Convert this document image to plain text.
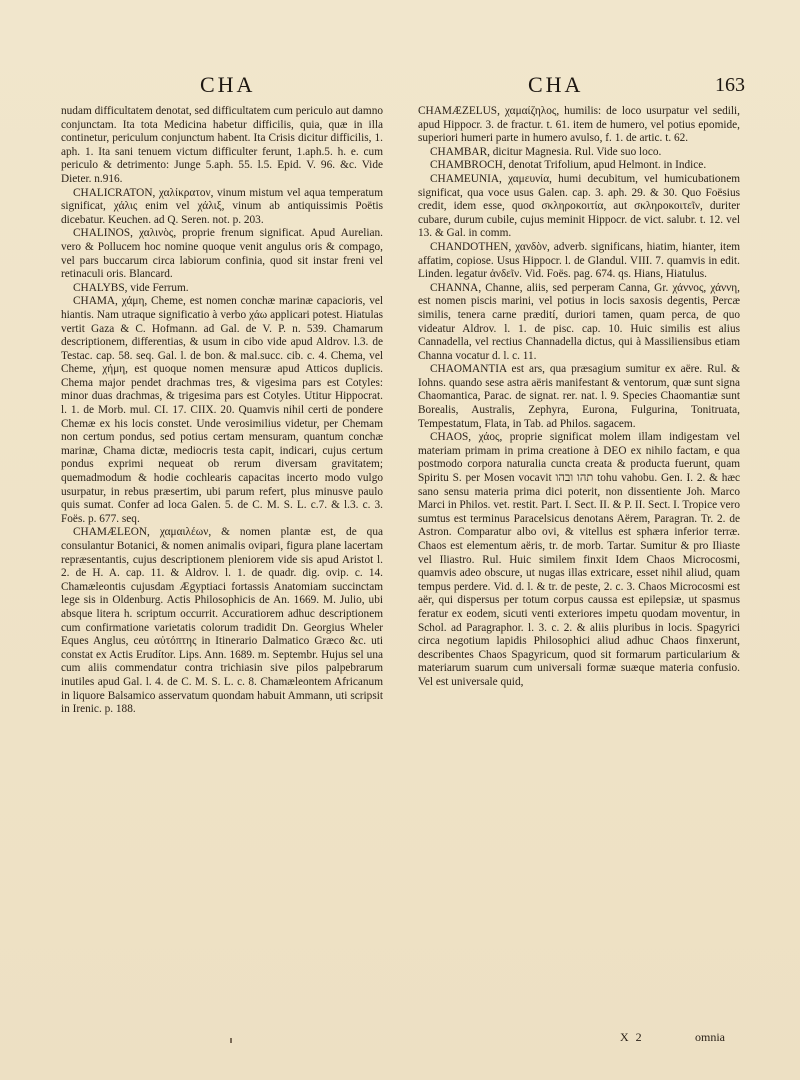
CHA	CHA	163

nudam difficultatem denotat, sed difficultatem cum periculo aut damno conjunctam. Ita tota Medicina habetur difficilis, quia, quæ in illa continetur, periculum conjunctum habent. Ita Crisis dicitur difficilis, 1. aph. 1. Ita sani tenuem victum difficulter ferunt, 1.aph.5. h. e. cum periculo & detrimento: Junge 5.aph. 55. l.5. Epid. V. 96. &c. Vide Dieter. n.916.

CHALICRATON, χαλίκρατον, vinum mistum vel aqua temperatum significat, χάλις enim vel χάλιξ, vinum ab antiquissimis Poëtis dicebatur. Keuchen. ad Q. Seren. not. p. 203.

CHALINOS, χαλινὸς, proprie frenum significat. Apud Aurelian. vero & Pollucem hoc nomine quoque venit angulus oris & compago, vel pars buccarum circa labiorum confinia, quod sit instar freni vel retinaculi oris. Blancard.

CHALYBS, vide Ferrum.

CHAMA, χάμη, Cheme, est nomen conchæ marinæ capacioris, vel hiantis. Nam utraque significatio à verbo χάω applicari potest. Hiatulas vertit Gaza & C. Hofmann. ad Gal. de V. P. n. 539. Chamarum descriptionem, differentias, & usum in cibo vide apud Aldrov. l.3. de Testac. cap. 58. seq. Gal. l. de bon. & mal.succ. cib. c. 4. Chema, vel Cheme, χήμη, est quoque nomen mensuræ apud Atticos duplicis. Chema major pendet drachmas tres, & vigesima pars est Cotyles: minor duas drachmas, & trigesima pars est Cotyles. Utitur Hippocrat. l. 1. de Morb. mul. CI. 17. CIIX. 20. Quamvis nihil certi de pondere Chemæ ex his locis constet. Unde verosimilius videtur, per Chemam non certum pondus, sed potius certam mensuram, quantum conchæ marinæ, Chama dictæ, mediocris testa capit, indicari, cujus certum pondus exprimi nequeat ob rerum diversam gravitatem; quemadmodum & hodie cochlearis capacitas incerto modo vulgo usurpatur, in rebus præsertim, ubi parum refert, plus minusve paulo quis sumat. Confer ad loca Galen. 5. de C. M. S. L. c.7. & l.3. c. 3. Foës. p. 677. seq.

CHAMÆLEON, χαμαιλέων, & nomen plantæ est, de qua consulantur Botanici, & nomen animalis ovipari, figura plane lacertam repræsentantis, cujus descriptionem pleniorem vide sis apud Aristot l. 2. de H. A. cap. 11. & Aldrov. l. 1. de quadr. dig. ovip. c. 14. Chamæleontis cujusdam Ægyptiaci fortassis Anatomiam succinctam lege sis in Oldenburg. Actis Philosophicis de An. 1669. M. Julio, ubi absque litera h. scriptum occurrit. Accuratiorem adhuc descriptionem cum confirmatione varietatis colorum tradidit Dn. Georgius Wheler Eques Anglus, ceu αὐτόπτης in Itinerario Dalmatico Græco &c. uti constat ex Actis Erudítor. Lips. Ann. 1689. m. Septembr. Hujus sel una cum aliis commendatur contra trichiasin sive pilos palpebrarum inutiles apud Gal. l. 4. de C. M. S. L. c. 8. Chamæleontem Africanum in liquore Balsamico asservatum quondam habuit Ammann, uti scripsit in Irenic. p. 188.

CHAMÆZELUS, χαμαίζηλος, humilis: de loco usurpatur vel sedili, apud Hippocr. 3. de fractur. t. 61. item de humero, vel potius epomide, superiori humeri parte in humero avulso, f. 1. de artic. t. 62.

CHAMBAR, dicitur Magnesia. Rul. Vide suo loco.

CHAMBROCH, denotat Trifolium, apud Helmont. in Indice.

CHAMEUNIA, χαμευνία, humi decubitum, vel humicubationem significat, qua voce usus Galen. cap. 3. aph. 29. & 30. Quo Foësius credit, idem esse, quod σκληροκοιτία, aut σκληροκοιτεῖν, duriter cubare, durum cubile, cujus meminit Hippocr. de vict. salubr. t. 12. vel 13. & Gal. in comm.

CHANDOTHEN, χανδὸν, adverb. significans, hiatim, hianter, item affatim, copiose. Usus Hippocr. l. de Glandul. VIII. 7. quamvis in edit. Linden. legatur ἀνδεῖν. Vid. Foës. pag. 674. qs. Hians, Hiatulus.

CHANNA, Channe, aliis, sed perperam Canna, Gr. χάννος, χάννη, est nomen piscis marini, vel potius in locis saxosis degentis, Percæ similis, tenera carne prædití, duriori tamen, quam perca, de quo videatur Aldrov. l. 1. de pisc. cap. 10. Huic similis est alius Cannadella, vel rectius Channadella dictus, qui à Massiliensibus etiam Channa vocatur d. l. c. 11.

CHAOMANTIA est ars, qua præsagium sumitur ex aëre. Rul. & Iohns. quando sese astra aëris manifestant & ventorum, quæ sunt signa Chaomantica, Parac. de signat. rer. nat. l. 9. Species Chaomantiæ sunt Borealis, Australis, Zephyra, Eurona, Fulgurina, Tonitruata, Tempestatum, Flata, in Tab. ad Philos. sagacem.

CHAOS, χάος, proprie significat molem illam indigestam vel materiam primam in prima creatione à DEO ex nihilo factam, e qua postmodo corpora naturalia cuncta creata & producta fuerunt, quam Spiritu S. per Mosen vocavit תהו ובהו tohu vahobu. Gen. I. 2. & hæc sano sensu materia prima dici poterit, non dissentiente Joh. Marco Marci in Philos. vet. restit. Part. I. Sect. II. & P. II. Sect. I. Tropice vero sumtus est terminus Paracelsicus denotans Aërem, Paragran. Tr. 2. de Astron. Comparatur albo ovi, & vitellus est sphæra inferior terræ. Chaos est elementum aëris, tr. de morb. Tartar. Sumitur & pro Iliaste vel Iliastro. Rul. Huic similem finxit Idem Chaos Microcosmi, quamvis adeo obscure, ut nugas illas extricare, esset nihil aliud, quam tempus perdere. Vid. d. l. & tr. de peste, 2. c. 3. Chaos Microcosmi est aër, qui dispersus per totum corpus caussa est epilepsiæ, ut spasmus feratur ex eodem, sicuti venti exteriores impetu quodam moventur, in Schol. ad Paragraphor. l. 3. c. 2. & aliis pluribus in locis. Spagyrici circa negotium lapidis Philosophici aliud adhuc Chaos finxerunt, describentes Chaos Spagyricum, quod sit formarum particularium & materiarum suarum cum universali formæ suæque materia confusio. Vel est universale quid,

X 2	omnia
